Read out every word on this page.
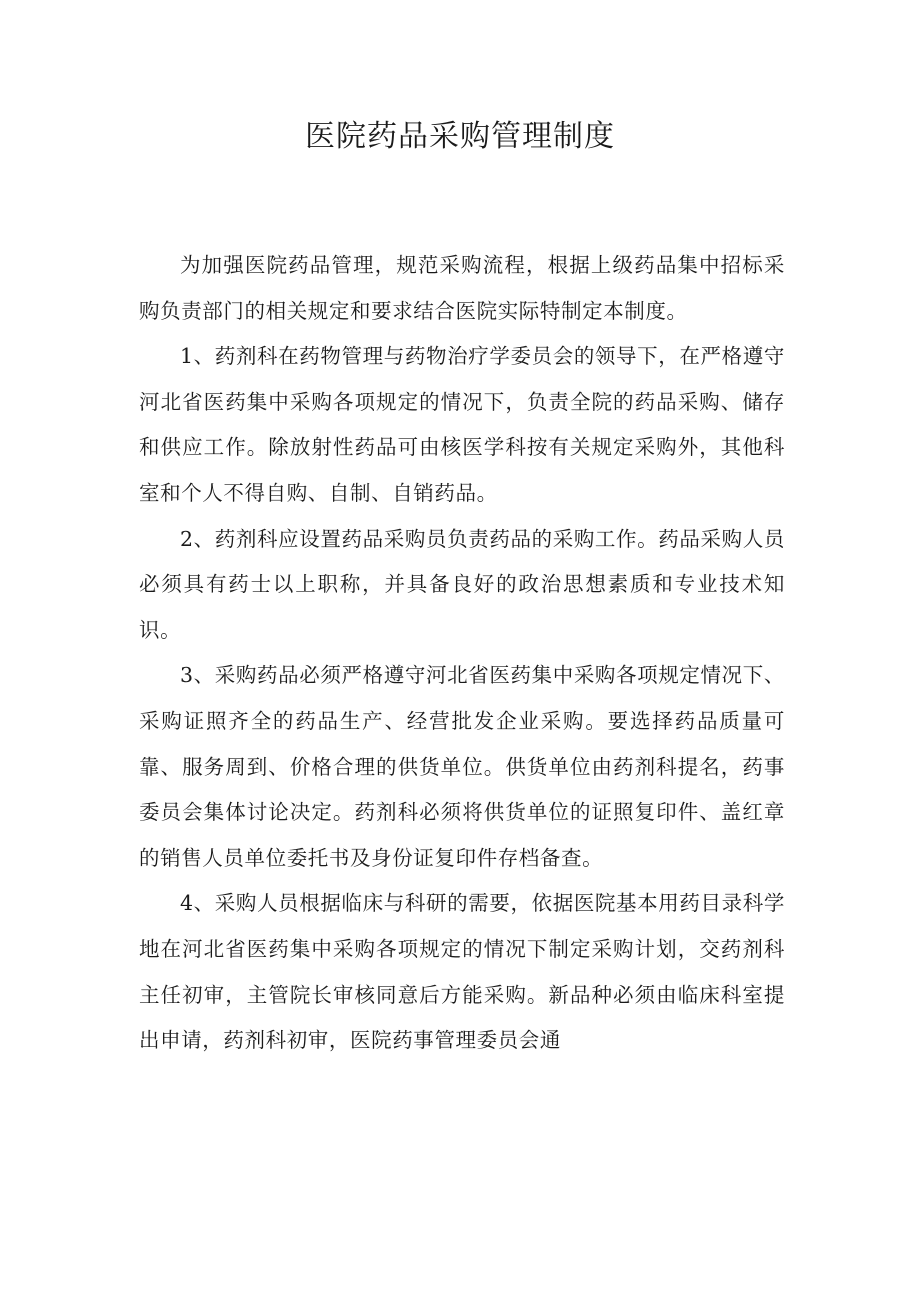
医院药品采购管理制度

为加强医院药品管理，规范采购流程，根据上级药品集中招标采购负责部门的相关规定和要求结合医院实际特制定本制度。

1、药剂科在药物管理与药物治疗学委员会的领导下，在严格遵守河北省医药集中采购各项规定的情况下，负责全院的药品采购、储存和供应工作。除放射性药品可由核医学科按有关规定采购外，其他科室和个人不得自购、自制、自销药品。

2、药剂科应设置药品采购员负责药品的采购工作。药品采购人员必须具有药士以上职称，并具备良好的政治思想素质和专业技术知识。

3、采购药品必须严格遵守河北省医药集中采购各项规定情况下、采购证照齐全的药品生产、经营批发企业采购。要选择药品质量可靠、服务周到、价格合理的供货单位。供货单位由药剂科提名，药事委员会集体讨论决定。药剂科必须将供货单位的证照复印件、盖红章的销售人员单位委托书及身份证复印件存档备查。

4、采购人员根据临床与科研的需要，依据医院基本用药目录科学地在河北省医药集中采购各项规定的情况下制定采购计划，交药剂科主任初审，主管院长审核同意后方能采购。新品种必须由临床科室提出申请，药剂科初审，医院药事管理委员会通
